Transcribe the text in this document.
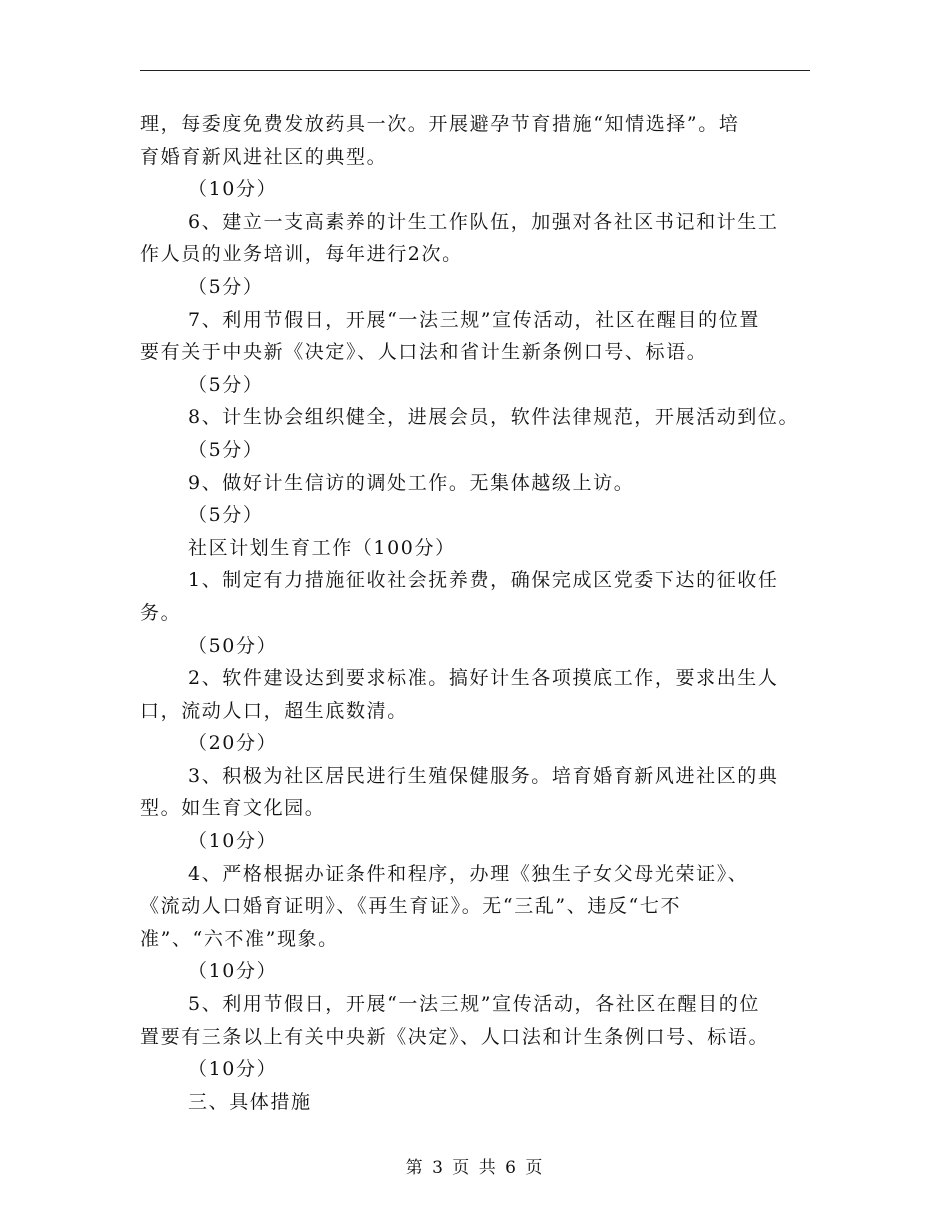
理，每委度免费发放药具一次。开展避孕节育措施“知情选择”。培
育婚育新风进社区的典型。
（10分）
6、建立一支高素养的计生工作队伍，加强对各社区书记和计生工
作人员的业务培训，每年进行2次。
（5分）
7、利用节假日，开展“一法三规”宣传活动，社区在醒目的位置
要有关于中央新《决定》、人口法和省计生新条例口号、标语。
（5分）
8、计生协会组织健全，进展会员，软件法律规范，开展活动到位。
（5分）
9、做好计生信访的调处工作。无集体越级上访。
（5分）
社区计划生育工作（100分）
1、制定有力措施征收社会抚养费，确保完成区党委下达的征收任
务。
（50分）
2、软件建设达到要求标准。搞好计生各项摸底工作，要求出生人
口，流动人口，超生底数清。
（20分）
3、积极为社区居民进行生殖保健服务。培育婚育新风进社区的典
型。如生育文化园。
（10分）
4、严格根据办证条件和程序，办理《独生子女父母光荣证》、
《流动人口婚育证明》、《再生育证》。无“三乱”、违反“七不
准”、“六不准”现象。
（10分）
5、利用节假日，开展“一法三规”宣传活动，各社区在醒目的位
置要有三条以上有关中央新《决定》、人口法和计生条例口号、标语。
（10分）
三、具体措施
第 3 页 共 6 页
